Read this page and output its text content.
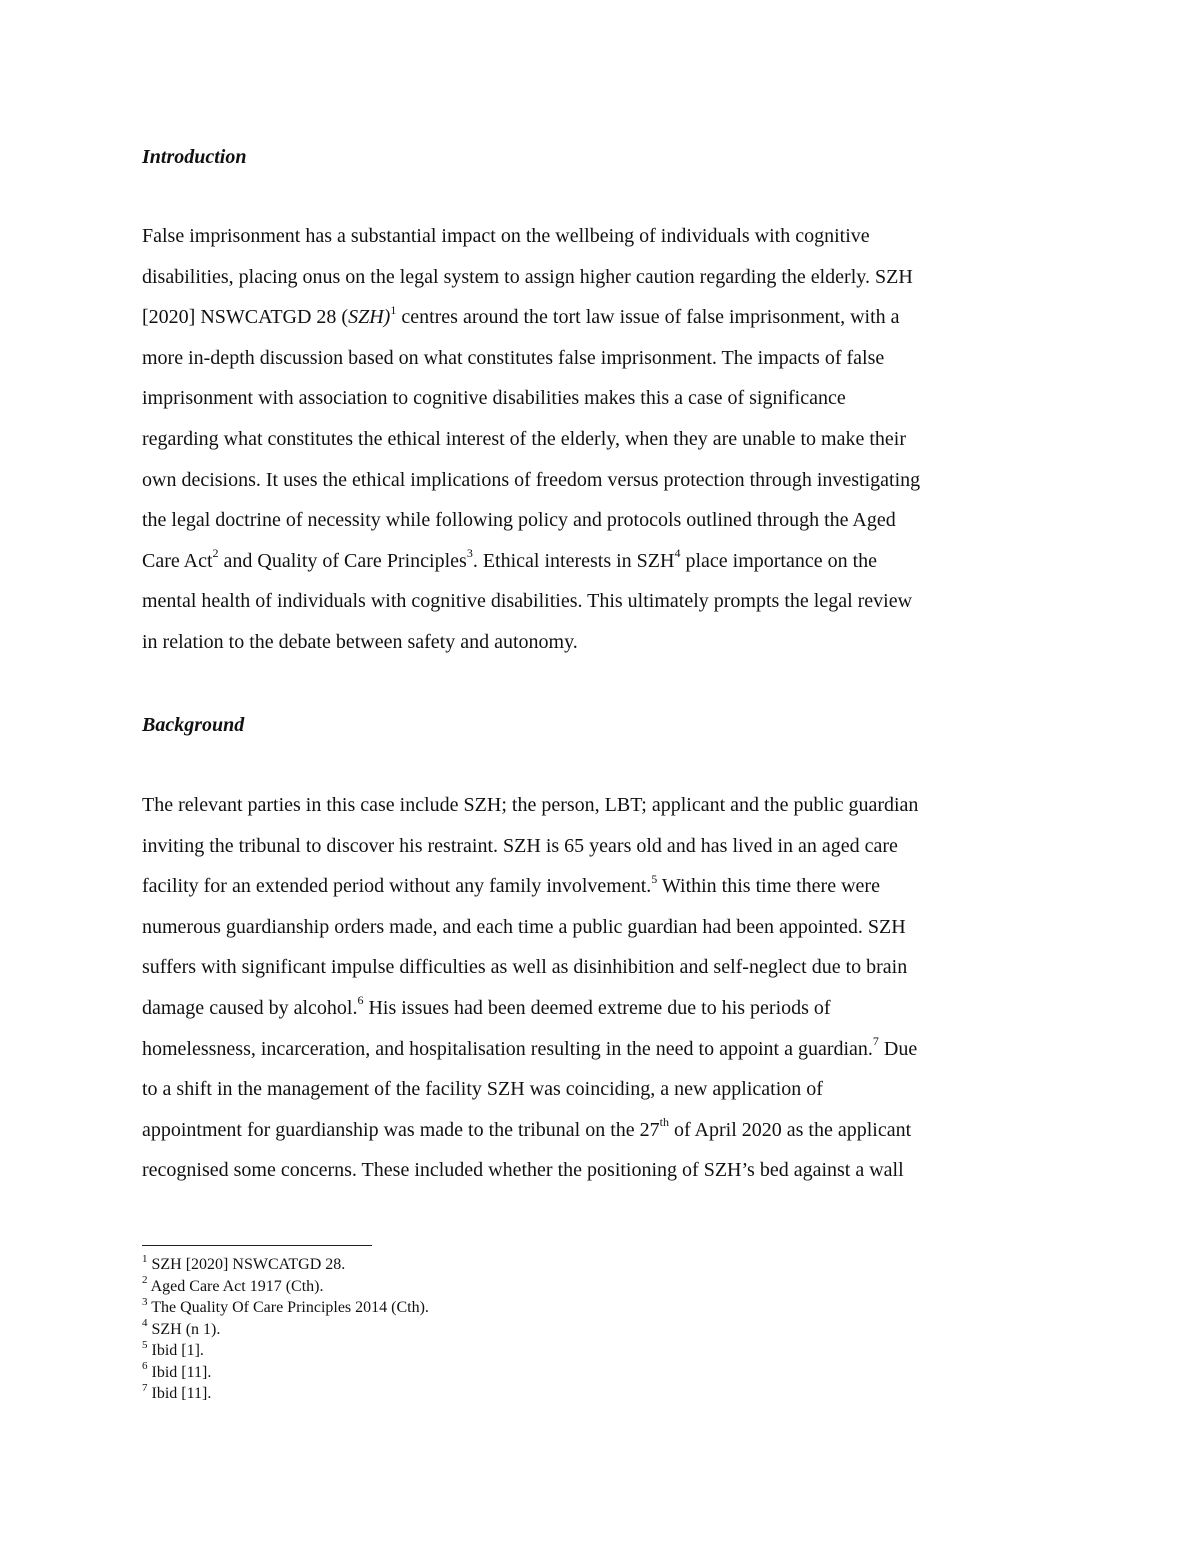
Introduction

False imprisonment has a substantial impact on the wellbeing of individuals with cognitive
disabilities, placing onus on the legal system to assign higher caution regarding the elderly. SZH
[2020] NSWCATGD 28 (SZH)$^1$ centres around the tort law issue of false imprisonment, with a
more in-depth discussion based on what constitutes false imprisonment. The impacts of false
imprisonment with association to cognitive disabilities makes this a case of significance
regarding what constitutes the ethical interest of the elderly, when they are unable to make their
own decisions. It uses the ethical implications of freedom versus protection through investigating
the legal doctrine of necessity while following policy and protocols outlined through the Aged
Care Act$^2$ and Quality of Care Principles$^3$. Ethical interests in SZH$^4$ place importance on the
mental health of individuals with cognitive disabilities. This ultimately prompts the legal review
in relation to the debate between safety and autonomy.

Background

The relevant parties in this case include SZH; the person, LBT; applicant and the public guardian
inviting the tribunal to discover his restraint. SZH is 65 years old and has lived in an aged care
facility for an extended period without any family involvement.$^5$ Within this time there were
numerous guardianship orders made, and each time a public guardian had been appointed. SZH
suffers with significant impulse difficulties as well as disinhibition and self-neglect due to brain
damage caused by alcohol.$^6$ His issues had been deemed extreme due to his periods of
homelessness, incarceration, and hospitalisation resulting in the need to appoint a guardian.$^7$ Due
to a shift in the management of the facility SZH was coinciding, a new application of
appointment for guardianship was made to the tribunal on the 27th of April 2020 as the applicant
recognised some concerns. These included whether the positioning of SZH’s bed against a wall

$^1$ SZH [2020] NSWCATGD 28.
$^2$ Aged Care Act 1917 (Cth).
$^3$ The Quality Of Care Principles 2014 (Cth).
$^4$ SZH (n 1).
$^5$ Ibid [1].
$^6$ Ibid [11].
$^7$ Ibid [11].
